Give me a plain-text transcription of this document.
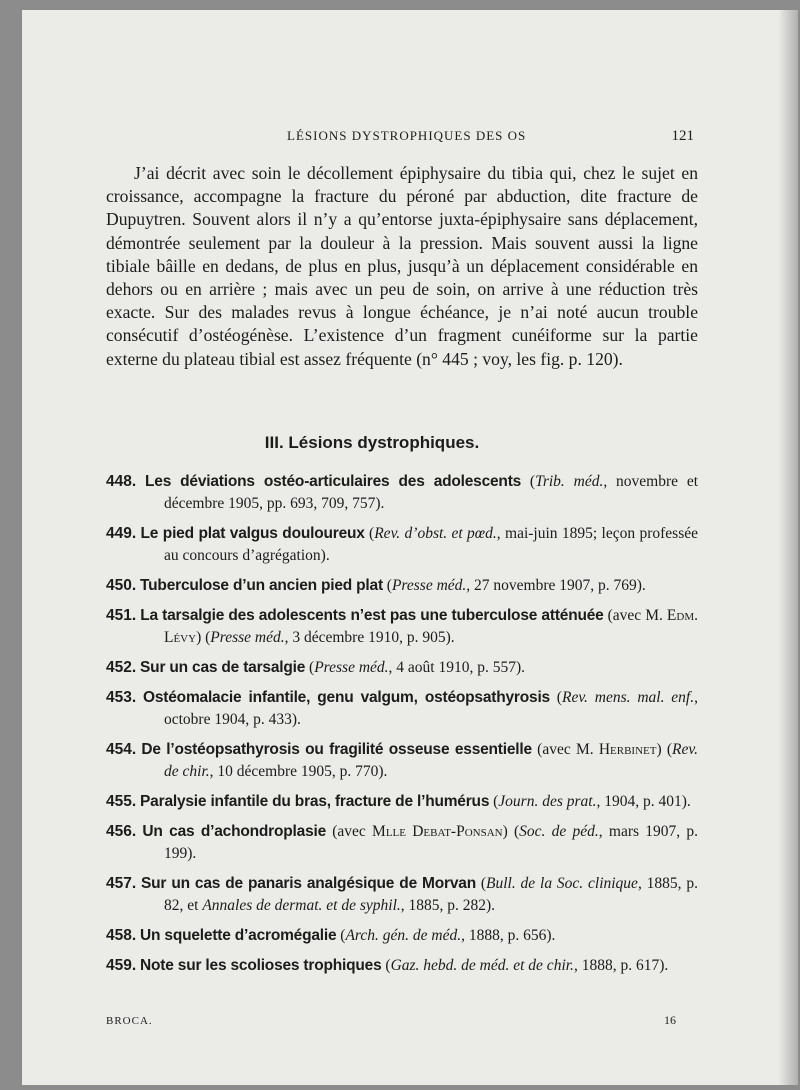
LÉSIONS DYSTROPHIQUES DES OS	121

J’ai décrit avec soin le décollement épiphysaire du tibia qui, chez le sujet en croissance, accompagne la fracture du péroné par abduction, dite fracture de Dupuytren. Souvent alors il n’y a qu’entorse juxta-épiphysaire sans déplacement, démontrée seulement par la douleur à la pression. Mais souvent aussi la ligne tibiale bâille en dedans, de plus en plus, jusqu’à un déplacement considérable en dehors ou en arrière ; mais avec un peu de soin, on arrive à une réduction très exacte. Sur des malades revus à longue échéance, je n’ai noté aucun trouble consécutif d’ostéogénèse. L’existence d’un fragment cunéiforme sur la partie externe du plateau tibial est assez fréquente (n° 445 ; voy, les fig. p. 120).

III. Lésions dystrophiques.
448. Les déviations ostéo-articulaires des adolescents (Trib. méd., novembre et décembre 1905, pp. 693, 709, 757).
449. Le pied plat valgus douloureux (Rev. d’obst. et pœd., mai-juin 1895; leçon professée au concours d’agrégation).
450. Tuberculose d’un ancien pied plat (Presse méd., 27 novembre 1907, p. 769).
451. La tarsalgie des adolescents n’est pas une tuberculose atténuée (avec M. Edm. Lévy) (Presse méd., 3 décembre 1910, p. 905).
452. Sur un cas de tarsalgie (Presse méd., 4 août 1910, p. 557).
453. Ostéomalacie infantile, genu valgum, ostéopsathyrosis (Rev. mens. mal. enf., octobre 1904, p. 433).
454. De l’ostéopsathyrosis ou fragilité osseuse essentielle (avec M. Herbinet) (Rev. de chir., 10 décembre 1905, p. 770).
455. Paralysie infantile du bras, fracture de l’humérus (Journ. des prat., 1904, p. 401).
456. Un cas d’achondroplasie (avec Mlle Debat-Ponsan) (Soc. de péd., mars 1907, p. 199).
457. Sur un cas de panaris analgésique de Morvan (Bull. de la Soc. clinique, 1885, p. 82, et Annales de dermat. et de syphil., 1885, p. 282).
458. Un squelette d’acromégalie (Arch. gén. de méd., 1888, p. 656).
459. Note sur les scolioses trophiques (Gaz. hebd. de méd. et de chir., 1888, p. 617).
BROCA.	16
